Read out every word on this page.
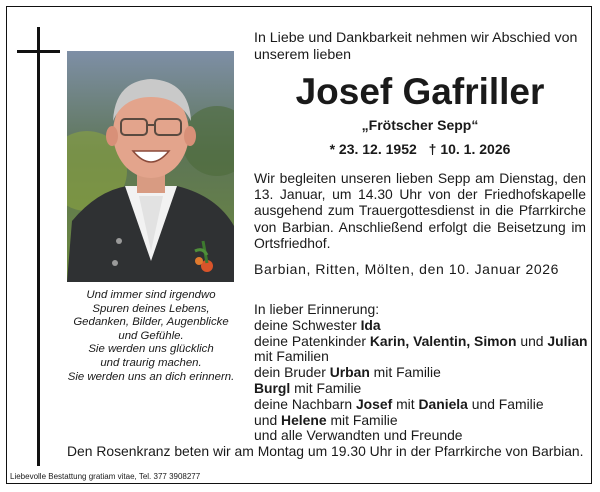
Und immer sind irgendwo
Spuren deines Lebens,
Gedanken, Bilder, Augenblicke
und Gefühle.
Sie werden uns glücklich
und traurig machen.
Sie werden uns an dich erinnern.
In Liebe und Dankbarkeit nehmen wir Abschied von
unserem lieben
Josef Gafriller
„Frötscher Sepp“
* 23. 12. 1952 † 10. 1. 2026
Wir begleiten unseren lieben Sepp am Dienstag, den 13. Januar, um 14.30 Uhr von der Friedhofskapelle ausgehend zum Trauergottesdienst in die Pfarrkirche von Barbian. Anschließend erfolgt die Beisetzung im Ortsfriedhof.
Barbian, Ritten, Mölten, den 10. Januar 2026
In lieber Erinnerung:
deine Schwester Ida
deine Patenkinder Karin, Valentin, Simon und Julian
mit Familien
dein Bruder Urban mit Familie
Burgl mit Familie
deine Nachbarn Josef mit Daniela und Familie
und Helene mit Familie
und alle Verwandten und Freunde
Den Rosenkranz beten wir am Montag um 19.30 Uhr in der Pfarrkirche von Barbian.
Liebevolle Bestattung gratiam vitae, Tel. 377 3908277
